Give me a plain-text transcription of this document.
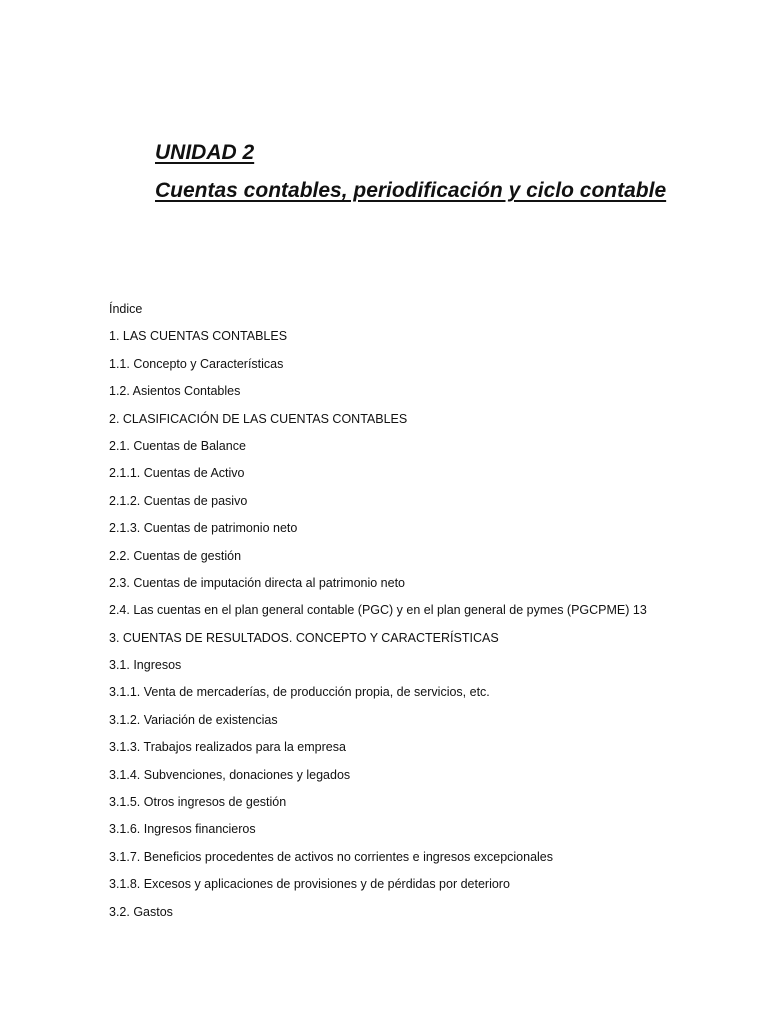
UNIDAD 2

Cuentas contables, periodificación y ciclo contable

Índice
1. LAS CUENTAS CONTABLES
1.1. Concepto y Características
1.2. Asientos Contables
2. CLASIFICACIÓN DE LAS CUENTAS CONTABLES
2.1. Cuentas de Balance
2.1.1. Cuentas de Activo
2.1.2. Cuentas de pasivo
2.1.3. Cuentas de patrimonio neto
2.2. Cuentas de gestión
2.3. Cuentas de imputación directa al patrimonio neto
2.4. Las cuentas en el plan general contable (PGC) y en el plan general de pymes (PGCPME) 13
3. CUENTAS DE RESULTADOS. CONCEPTO Y CARACTERÍSTICAS
3.1. Ingresos
3.1.1. Venta de mercaderías, de producción propia, de servicios, etc.
3.1.2. Variación de existencias
3.1.3. Trabajos realizados para la empresa
3.1.4. Subvenciones, donaciones y legados
3.1.5. Otros ingresos de gestión
3.1.6. Ingresos financieros
3.1.7. Beneficios procedentes de activos no corrientes e ingresos excepcionales
3.1.8. Excesos y aplicaciones de provisiones y de pérdidas por deterioro
3.2. Gastos
